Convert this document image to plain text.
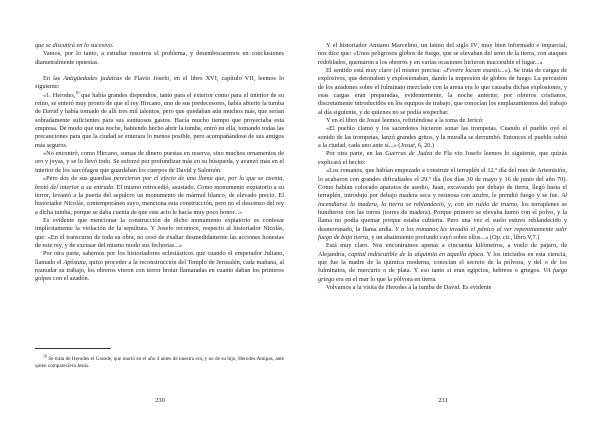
que se discutirá en lo sucesivo.

Vamos, por lo tanto, a estudiar nosotros el problema, y desembocaremos en conclusiones diametralmente opuestas.

En las Antigüedades judaicas de Flavio Josefo, en el libro XVI, capítulo VII, leemos lo siguiente:

«1. Herodes,$^{10}$ que había grandes dispendios, tanto para el exterior como para el interior de su reino, se enteró muy pronto de que el rey Hircano, uno de sus predecesores, había abierto la tumba de David y había tomado de allí tres mil talentos, pero que quedaban aún muchos más, que serían sobradamente suficientes para sus suntuosos gastos. Hacía mucho tiempo que proyectaba esta empresa. De modo que una noche, habiendo hecho abrir la tumba, entró en ella, tomando todas las precauciones para que la ciudad se enterara lo menos posible, pero acompañándose de sus amigos más seguros.

»No encontró, como Hircano, sumas de dinero puestas en reserva, sino muchos ornamentos de oro y joyas, y se lo llevó todo. Se esforzó por profundizar más en su búsqueda, y avanzó más en el interior de los sarcófagos que guardaban los cuerpos de David y Salomón.

»Pero dos de sus guardias perecieron por el efecto de una llama que, por lo que se cuenta, brotó del interior a su entrada. El mismo retrocedió, asustado. Como monumento expiatorio a su terror, levantó a la puerta del sepulcro un monumento de mármol blanco, de elevado precio. El historiador Nicolás, contemporáneo suyo, menciona esta construcción, pero no el descenso del rey a dicha tumba, porque se daba cuenta de que este acto le hacía muy poco honor...»

Es evidente que mencionar la construcción de dicho monumento expiatorio es confesar implícitamente la violación de la sepultura. Y Josefo reconoce, respecto al historiador Nicolás, que: «En el transcurso de toda su obra, no cesó de exaltar desmedidamente las acciones honestas de este rey, y de excusar del mismo modo sus fechorías...»

Por otra parte, sabemos por los historiadores eclesiásticos que cuando el emperador Juliano, llamado el Apóstata, quiso proceder a la reconstrucción del Templo de Jerusalén, cada mañana, al reanudar su trabajo, los obreros vieron con terror brotar llamaradas en cuanto daban los primeros golpes con el azadón.

$^{10}$ Se trata de Herodes el Grande, que murió en el año 4 antes de nuestra era, y no de su hijo, Herodes Antipas, ante quien compareciera Jesús.

230

Y el historiador Amiano Marcelino, un latino del siglo IV, muy bien informado e imparcial, nos dice que: «Unos peligrosos globos de fuego, que se elevaban del seno de la tierra, con ataques redoblados, quemaron a los obreros y en varias ocasiones hicieron inaccesible el lugar...»

El sentido está muy claro (el mismo precisa: «Fevere locum exustis...»). Se trata de cargas de explosivos, que detonaban y explosionaban, dando la impresión de globos de fuego. La percusión de los azadones sobre el fulminato mezclado con la arena era lo que causaba dichas explosiones, y esas cargas eran preparadas, evidentemente, la noche anterior, por obreros cristianos, discretamente introducidos en los equipos de trabajo, que conocían los emplazamientos del trabajo al día siguiente, y de quienes no se podía sospechar.

Y en el libro de Josué leemos, refiriéndose a la toma de Jericó:

«El pueblo clamó y los sacerdotes hicieron sonar las trompetas. Cuando el pueblo oyó el sonido de las trompetas, lanzó grandes gritos, y la muralla se derrumbó. Entonces el pueblo subió a la ciudad, cada uno ante sí...» (Josué, 6, 20.)

Por otra parte, en las Guerras de Judea de Fla vio Josefo leemos lo siguiente, que quizás explicará el hecho:

«Los romanos, que habían empezado a construir el terraplén el 12.º día del mes de Artemisión, lo acabaron con grandes dificultades el 29.º día (los días 30 de mayo y 16 de junio del año 70). Como habían colocado aparatos de asedio, Juan, excavando por debajo de tierra, llegó hasta el terraplén, introdujo por debajo madera seca y resinosa con azufre, le prendió fuego y se fue. Al incendiarse la madera, la tierra se reblandeció, y, con un ruido de trueno, los terraplenes se hundieron con las torres (torres de madera). Porque primero se elevaba humo con el polvo, y la llama no podía quemar porque estaba cubierta. Pero una vez el suelo estuvo reblandecido y desmoronado, la llama ardía. Y a los romanos les invadió el pánico al ver repentinamente salir fuego de bajo tierra, y un abatimiento profundo cayó sobre ellos...» (Op. cit., libro V,7.)

Está muy claro. Nos encontramos apenas a cincuenta kilómetros, a vuelo de pájaro, de Alejandría, capital indiscutible de la alquimia en aquella época. Y los iniciados en esta ciencia, que fue la madre de la química moderna, conocían el secreto de la pólvora, y del o de los fulminatos, de mercurio o de plata. Y eso tanto si eran egipcios, hebreos o griegos. VA fuego griego era en el mar lo que la pólvora en tierra.

Volvamos a la visita de Herodes a la tumba de David. Es evidente

231
